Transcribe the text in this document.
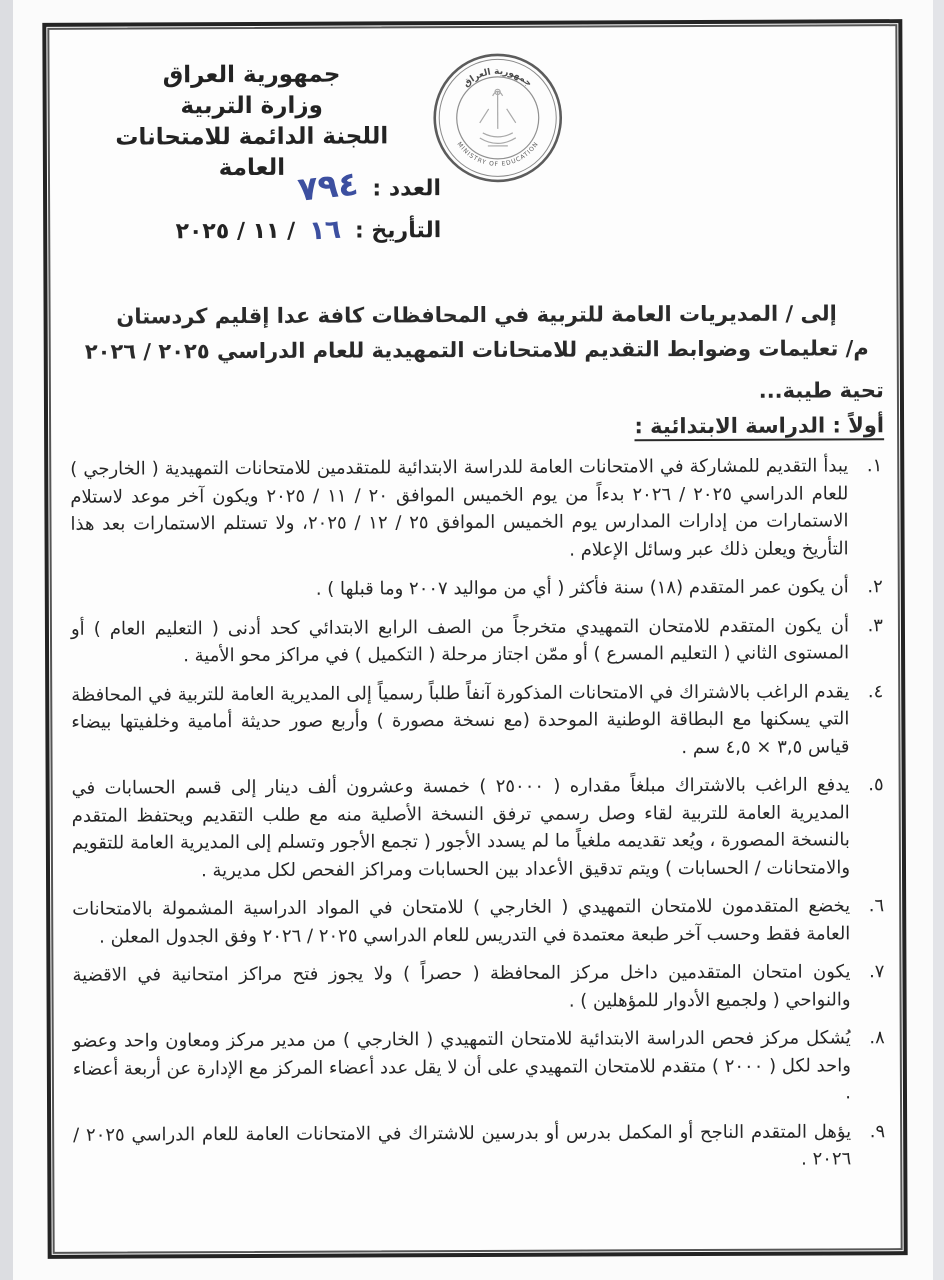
جمهورية العراق
وزارة التربية
اللجنة الدائمة للامتحانات العامة
جمهورية العراق
MINISTRY OF EDUCATION
العدد :
٧٩٤
التأريخ :
١٦
/ ١١ / ٢٠٢٥
إلى / المديريات العامة للتربية في المحافظات كافة عدا إقليم كردستان
م/ تعليمات وضوابط التقديم للامتحانات التمهيدية للعام الدراسي ٢٠٢٥ / ٢٠٢٦
تحية طيبة...
أولاً : الدراسة الابتدائية :
١.
يبدأ التقديم للمشاركة في الامتحانات العامة للدراسة الابتدائية للمتقدمين للامتحانات التمهيدية ( الخارجي ) للعام الدراسي ٢٠٢٥ / ٢٠٢٦ بدءاً من يوم الخميس الموافق ٢٠ / ١١ / ٢٠٢٥ ويكون آخر موعد لاستلام الاستمارات من إدارات المدارس يوم الخميس الموافق ٢٥ / ١٢ / ٢٠٢٥، ولا تستلم الاستمارات بعد هذا التأريخ ويعلن ذلك عبر وسائل الإعلام .
٢.
أن يكون عمر المتقدم (١٨) سنة فأكثر ( أي من مواليد ٢٠٠٧ وما قبلها ) .
٣.
أن يكون المتقدم للامتحان التمهيدي متخرجاً من الصف الرابع الابتدائي كحد أدنى ( التعليم العام ) أو المستوى الثاني ( التعليم المسرع ) أو ممّن اجتاز مرحلة ( التكميل ) في مراكز محو الأمية .
٤.
يقدم الراغب بالاشتراك في الامتحانات المذكورة آنفاً طلباً رسمياً إلى المديرية العامة للتربية في المحافظة التي يسكنها مع البطاقة الوطنية الموحدة (مع نسخة مصورة ) وأربع صور حديثة أمامية وخلفيتها بيضاء قياس ٣,٥ × ٤,٥ سم .
٥.
يدفع الراغب بالاشتراك مبلغاً مقداره ( ٢٥٠٠٠ ) خمسة وعشرون ألف دينار إلى قسم الحسابات في المديرية العامة للتربية لقاء وصل رسمي ترفق النسخة الأصلية منه مع طلب التقديم ويحتفظ المتقدم بالنسخة المصورة ، ويُعد تقديمه ملغياً ما لم يسدد الأجور ( تجمع الأجور وتسلم إلى المديرية العامة للتقويم والامتحانات / الحسابات ) ويتم تدقيق الأعداد بين الحسابات ومراكز الفحص لكل مديرية .
٦.
يخضع المتقدمون للامتحان التمهيدي ( الخارجي ) للامتحان في المواد الدراسية المشمولة بالامتحانات العامة فقط وحسب آخر طبعة معتمدة في التدريس للعام الدراسي ٢٠٢٥ / ٢٠٢٦ وفق الجدول المعلن .
٧.
يكون امتحان المتقدمين داخل مركز المحافظة ( حصراً ) ولا يجوز فتح مراكز امتحانية في الاقضية والنواحي ( ولجميع الأدوار للمؤهلين ) .
٨.
يُشكل مركز فحص الدراسة الابتدائية للامتحان التمهيدي ( الخارجي ) من مدير مركز ومعاون واحد وعضو واحد لكل ( ٢٠٠٠ ) متقدم للامتحان التمهيدي على أن لا يقل عدد أعضاء المركز مع الإدارة عن أربعة أعضاء .
٩.
يؤهل المتقدم الناجح أو المكمل بدرس أو بدرسين للاشتراك في الامتحانات العامة للعام الدراسي ٢٠٢٥ / ٢٠٢٦ .
